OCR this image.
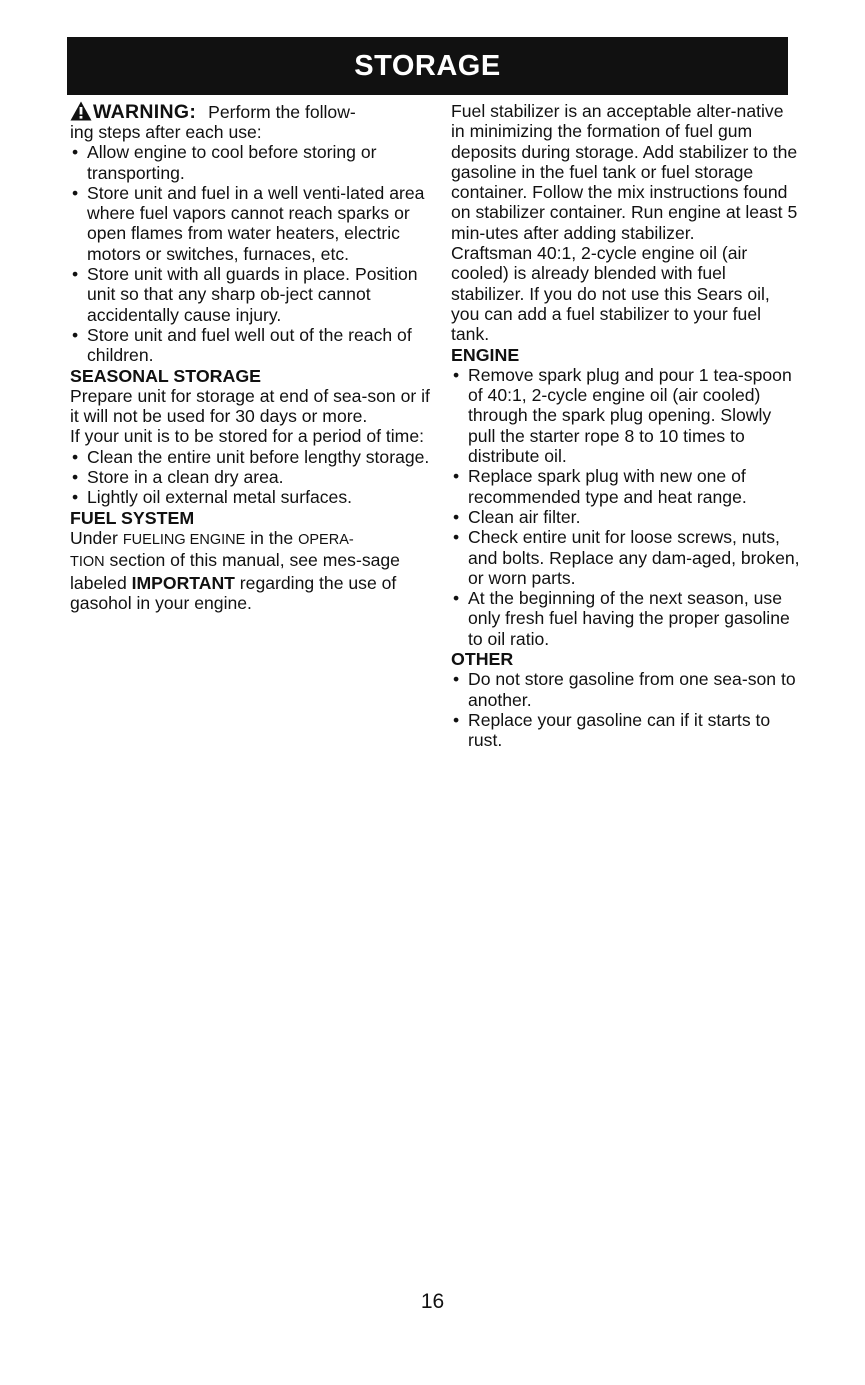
STORAGE
WARNING: Perform the follow-

ing steps after each use:

• Allow engine to cool before storing or transporting.
• Store unit and fuel in a well venti-lated area where fuel vapors cannot reach sparks or open flames from water heaters, electric motors or switches, furnaces, etc.
• Store unit with all guards in place. Position unit so that any sharp ob-ject cannot accidentally cause injury.
• Store unit and fuel well out of the reach of children.

SEASONAL STORAGE

Prepare unit for storage at end of sea-son or if it will not be used for 30 days or more.

If your unit is to be stored for a period of time:

• Clean the entire unit before lengthy storage.
• Store in a clean dry area.
• Lightly oil external metal surfaces.

FUEL SYSTEM

Under FUELING ENGINE in the OPERA-
TION section of this manual, see mes-sage labeled IMPORTANT regarding the use of gasohol in your engine.

Fuel stabilizer is an acceptable alter-native in minimizing the formation of fuel gum deposits during storage. Add stabilizer to the gasoline in the fuel tank or fuel storage container. Follow the mix instructions found on stabilizer container. Run engine at least 5 min-utes after adding stabilizer.

Craftsman 40:1, 2-cycle engine oil (air cooled) is already blended with fuel stabilizer. If you do not use this Sears oil, you can add a fuel stabilizer to your fuel tank.

ENGINE

• Remove spark plug and pour 1 tea-spoon of 40:1, 2-cycle engine oil (air cooled) through the spark plug opening. Slowly pull the starter rope 8 to 10 times to distribute oil.
• Replace spark plug with new one of recommended type and heat range.
• Clean air filter.
• Check entire unit for loose screws, nuts, and bolts. Replace any dam-aged, broken, or worn parts.
• At the beginning of the next season, use only fresh fuel having the proper gasoline to oil ratio.

OTHER

• Do not store gasoline from one sea-son to another.
• Replace your gasoline can if it starts to rust.
16
